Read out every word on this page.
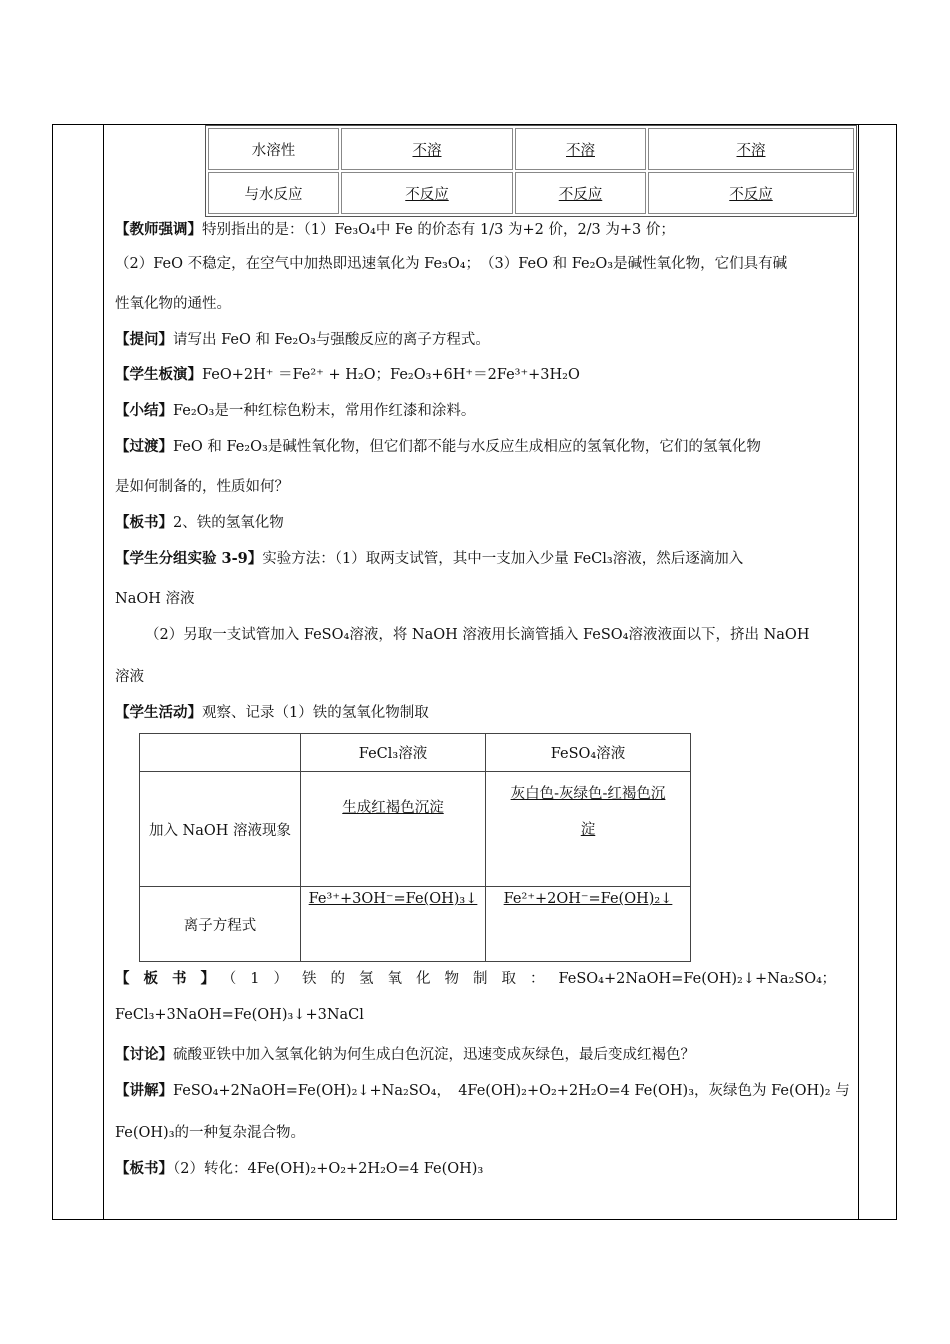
水溶性	不溶	不溶	不溶
与水反应	不反应	不反应	不反应
【教师强调】特别指出的是：（1）Fe₃O₄中 Fe 的价态有 1/3 为+2 价，2/3 为+3 价；
（2）FeO 不稳定，在空气中加热即迅速氧化为 Fe₃O₄；　（3）FeO 和 Fe₂O₃是碱性氧化物，它们具有碱
性氧化物的通性。
【提问】请写出 FeO 和 Fe₂O₃与强酸反应的离子方程式。
【学生板演】FeO+2H⁺ ＝Fe²⁺ + H₂O；Fe₂O₃+6H⁺＝2Fe³⁺+3H₂O
【小结】Fe₂O₃是一种红棕色粉末，常用作红漆和涂料。
【过渡】FeO 和 Fe₂O₃是碱性氧化物，但它们都不能与水反应生成相应的氢氧化物，它们的氢氧化物
是如何制备的，性质如何？
【板书】2、铁的氢氧化物
【学生分组实验 3-9】实验方法：（1）取两支试管，其中一支加入少量 FeCl₃溶液，然后逐滴加入
NaOH 溶液
（2）另取一支试管加入 FeSO₄溶液，将 NaOH 溶液用长滴管插入 FeSO₄溶液液面以下，挤出 NaOH
溶液
【学生活动】观察、记录（1）铁的氢氧化物制取
	FeCl₃溶液	FeSO₄溶液
加入 NaOH 溶液现象	生成红褐色沉淀	灰白色-灰绿色-红褐色沉
淀
离子方程式	Fe³⁺+3OH⁻=Fe(OH)₃↓	Fe²⁺+2OH⁻=Fe(OH)₂↓
【板书】（1）铁的氢氧化物制取：FeSO₄+2NaOH=Fe(OH)₂↓+Na₂SO₄ ；
FeCl₃+3NaOH=Fe(OH)₃↓+3NaCl
【讨论】硫酸亚铁中加入氢氧化钠为何生成白色沉淀，迅速变成灰绿色，最后变成红褐色？
【讲解】FeSO₄+2NaOH=Fe(OH)₂↓+Na₂SO₄，　4Fe(OH)₂+O₂+2H₂O=4 Fe(OH)₃，灰绿色为 Fe(OH)₂ 与
Fe(OH)₃的一种复杂混合物。
【板书】（2）转化：4Fe(OH)₂+O₂+2H₂O=4 Fe(OH)₃
